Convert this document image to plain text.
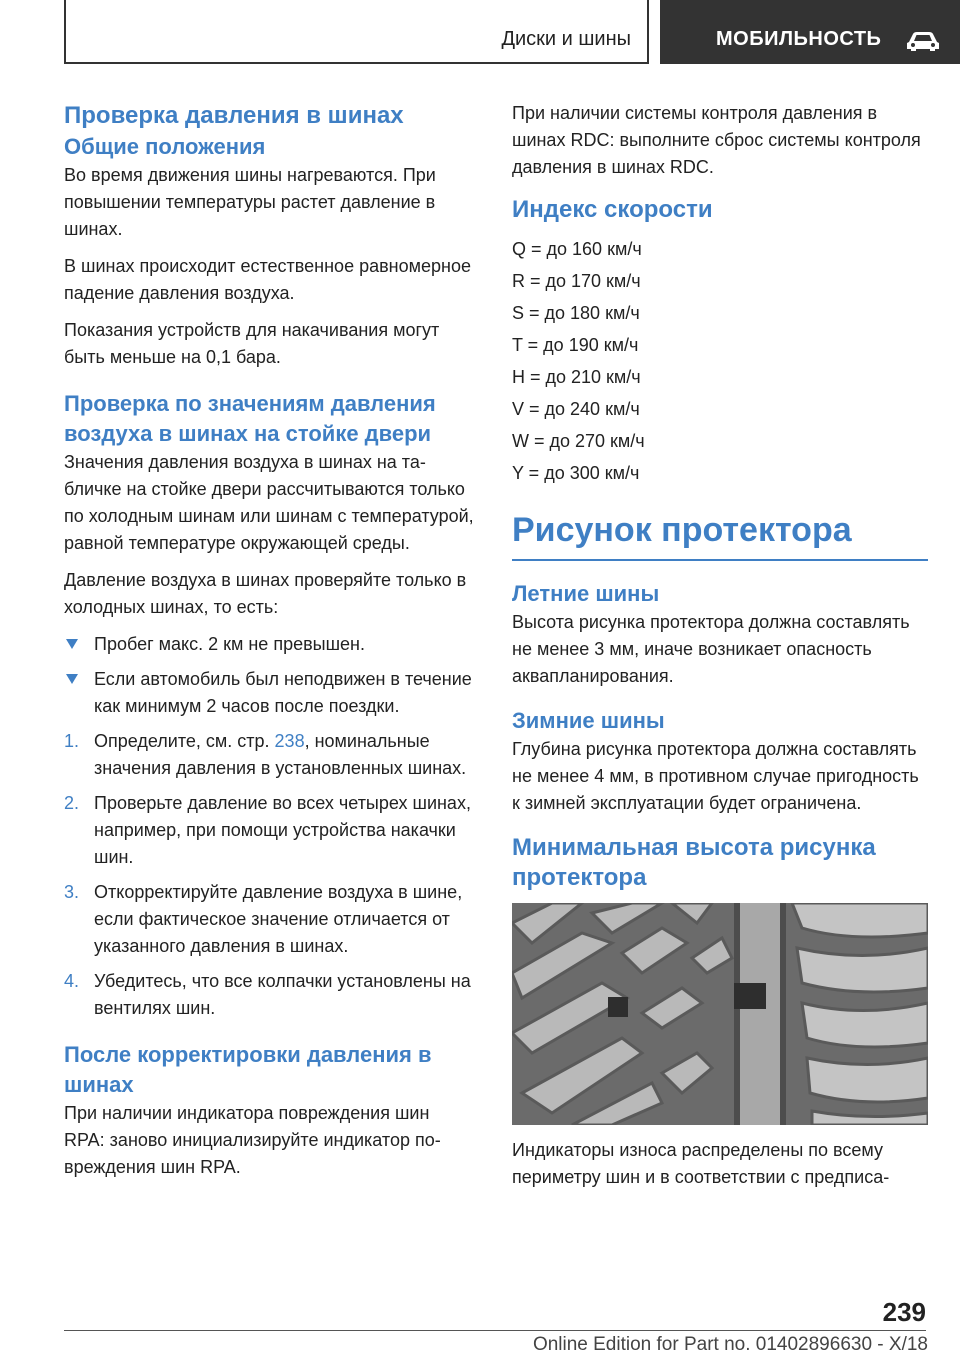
Диски и шины	МОБИЛЬНОСТЬ
Проверка давления в шинах
Общие положения

Во время движения шины нагреваются. При повышении температуры растет давление в шинах.

В шинах происходит естественное равномерное падение давления воздуха.

Показания устройств для накачивания могут быть меньше на 0,1 бара.

Проверка по значениям давления воздуха в шинах на стойке двери

Значения давления воздуха в шинах на табличке на стойке двери рассчитываются только по холодным шинам или шинам с температурой, равной температуре окружающей среды.

Давление воздуха в шинах проверяйте только в холодных шинах, то есть:

Пробег макс. 2 км не превышен.
Если автомобиль был неподвижен в течение как минимум 2 часов после поездки.
1. Определите, см. стр. 238, номинальные значения давления в установленных шинах.
2. Проверьте давление во всех четырех шинах, например, при помощи устройства накачки шин.
3. Откорректируйте давление воздуха в шине, если фактическое значение отличается от указанного давления в шинах.
4. Убедитесь, что все колпачки установлены на вентилях шин.
После корректировки давления в шинах

При наличии индикатора повреждения шин RPA: заново инициализируйте индикатор повреждения шин RPA.

При наличии системы контроля давления в шинах RDC: выполните сброс системы контроля давления в шинах RDC.

Индекс скорости

Q = до 160 км/ч

R = до 170 км/ч

S = до 180 км/ч

T = до 190 км/ч

H = до 210 км/ч

V = до 240 км/ч

W = до 270 км/ч

Y = до 300 км/ч

Рисунок протектора
Летние шины

Высота рисунка протектора должна составлять не менее 3 мм, иначе возникает опасность аквапланирования.

Зимние шины

Глубина рисунка протектора должна составлять не менее 4 мм, в противном случае пригодность к зимней эксплуатации будет ограничена.

Минимальная высота рисунка протектора

Индикаторы износа распределены по всему периметру шин и в соответствии с предписа-

239
Online Edition for Part no. 01402896630 - X/18
